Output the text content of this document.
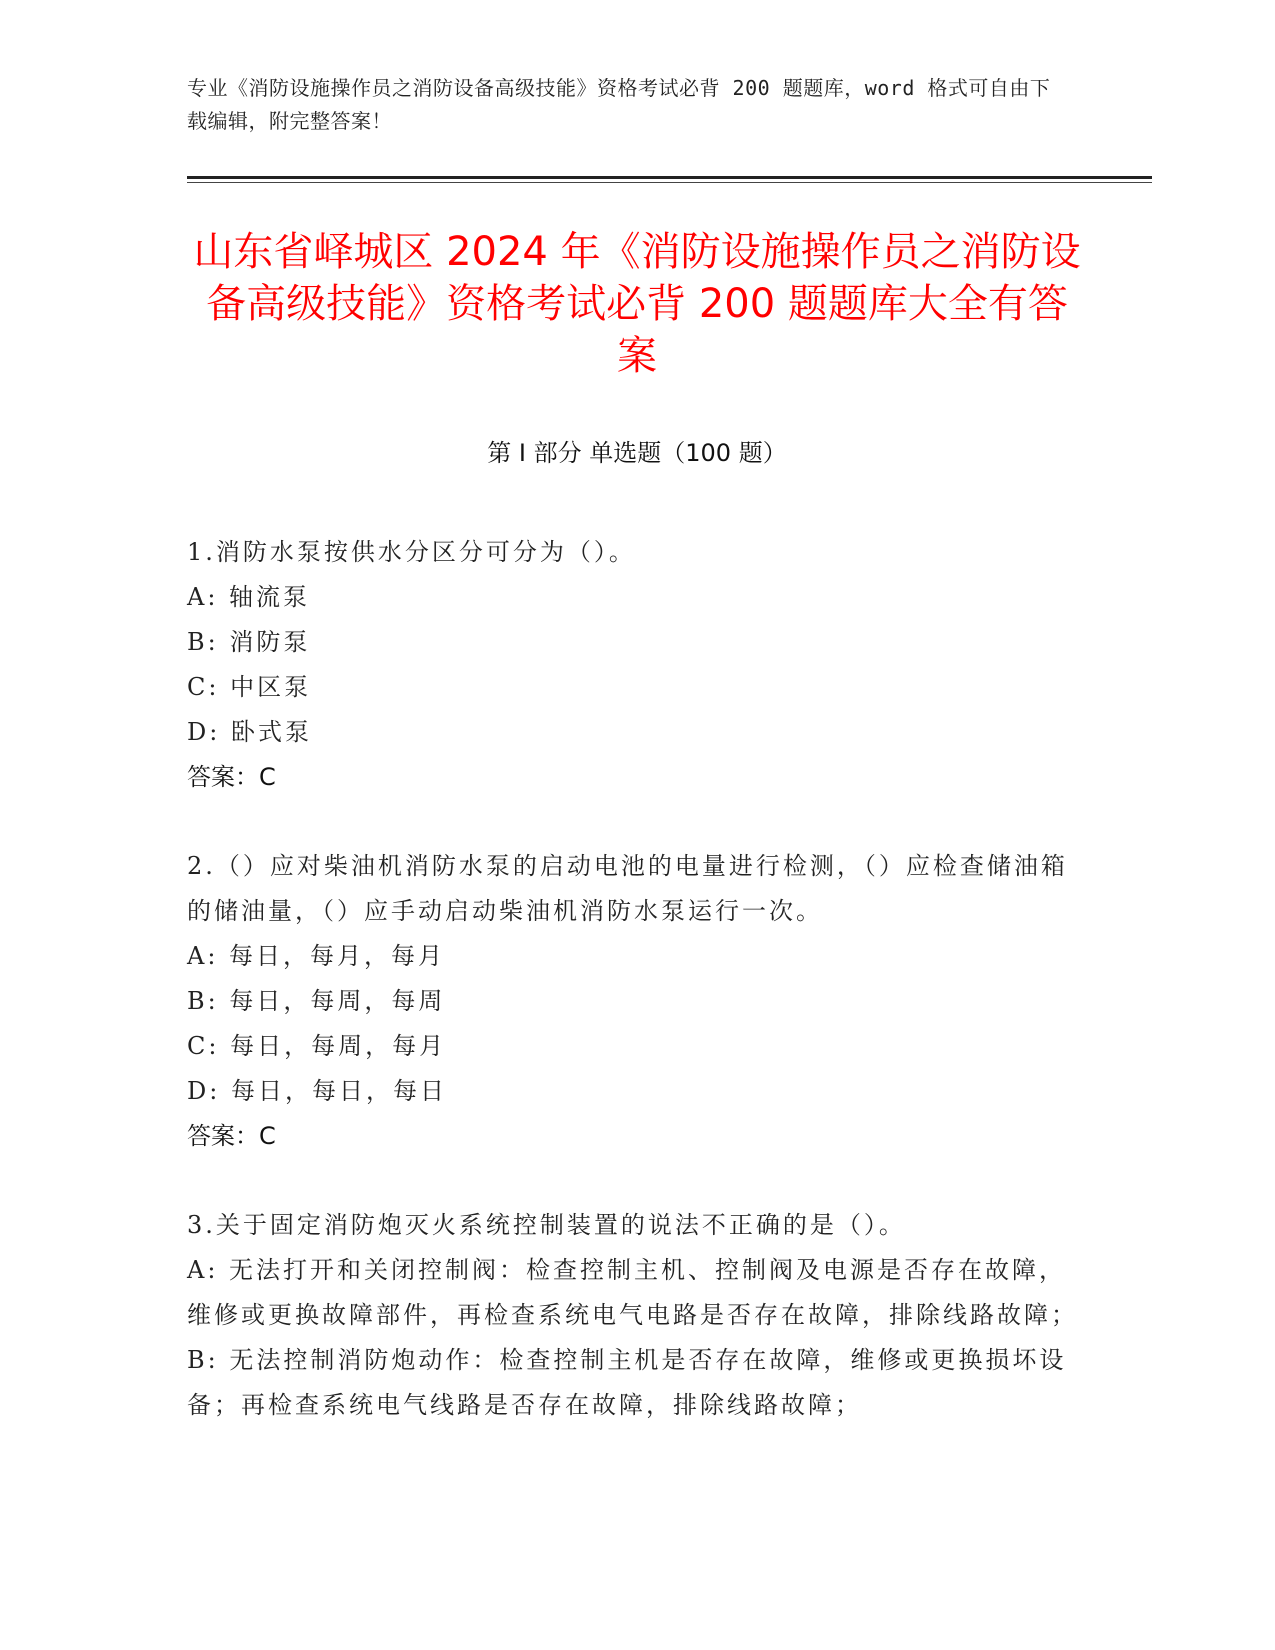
专业《消防设施操作员之消防设备高级技能》资格考试必背 200 题题库，word 格式可自由下载编辑，附完整答案！
山东省峄城区 2024 年《消防设施操作员之消防设备高级技能》资格考试必背 200 题题库大全有答案
第 I 部分 单选题（100 题）
1.消防水泵按供水分区分可分为（）。
A: 轴流泵
B: 消防泵
C: 中区泵
D: 卧式泵
答案：C
2.（）应对柴油机消防水泵的启动电池的电量进行检测，（）应检查储油箱的储油量，（）应手动启动柴油机消防水泵运行一次。
A: 每日，每月，每月
B: 每日，每周，每周
C: 每日，每周，每月
D: 每日，每日，每日
答案：C
3.关于固定消防炮灭火系统控制装置的说法不正确的是（）。
A: 无法打开和关闭控制阀：检查控制主机、控制阀及电源是否存在故障，维修或更换故障部件，再检查系统电气电路是否存在故障，排除线路故障；
B: 无法控制消防炮动作：检查控制主机是否存在故障，维修或更换损坏设备；再检查系统电气线路是否存在故障，排除线路故障；
